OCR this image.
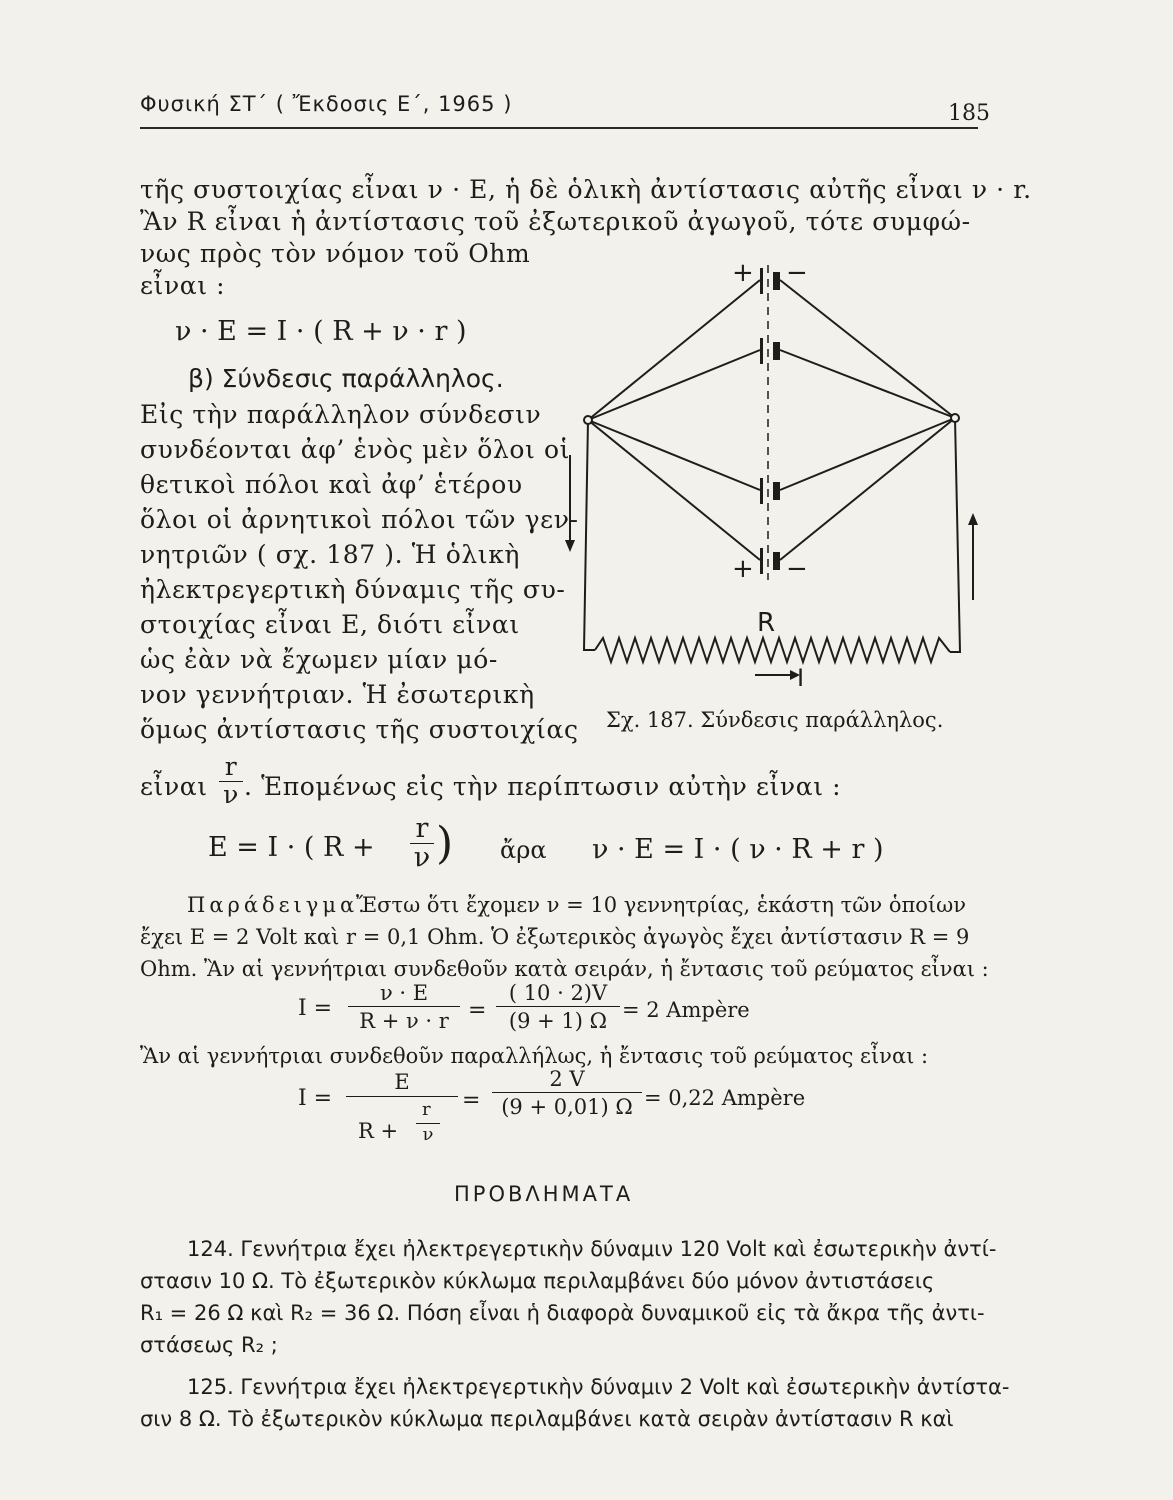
Φυσική ΣΤ΄ ( Ἔκδοσις Ε΄, 1965 )	185
τῆς συστοιχίας εἶναι ν · Ε, ἡ δὲ ὁλικὴ ἀντίστασις αὐτῆς εἶναι ν · r.
Ἂν R εἶναι ἡ ἀντίστασις τοῦ ἐξωτερικοῦ ἀγωγοῦ, τότε συμφώ-
νως πρὸς τὸν νόμον τοῦ Ohm
εἶναι :
ν · E = I · ( R + ν · r )
β) Σύνδεσις παράλληλος.
Εἰς τὴν παράλληλον σύνδεσιν
συνδέονται ἀφ’ ἑνὸς μὲν ὅλοι οἱ
θετικοὶ πόλοι καὶ ἀφ’ ἑτέρου
ὅλοι οἱ ἀρνητικοὶ πόλοι τῶν γεν-
νητριῶν ( σχ. 187 ). Ἡ ὁλικὴ
ἠλεκτρεγερτικὴ δύναμις τῆς συ-
στοιχίας εἶναι Ε, διότι εἶναι
ὡς ἐὰν νὰ ἔχωμεν μίαν μό-
νον γεννήτριαν. Ἡ ἐσωτερικὴ
ὅμως ἀντίστασις τῆς συστοιχίας
+ −
+ −
R
I
Σχ. 187. Σύνδεσις παράλληλος.
εἶναι $\frac{r}{\nu}$ . Ἑπομένως εἰς τὴν περίπτωσιν αὐτὴν εἶναι :
E = I · ( $R + \frac{r}{\nu}$ ) ἄρα ν · E = I · ( ν · R + r )
Παράδειγμα.
Ἔστω ὅτι ἔχομεν ν = 10 γεννητρίας, ἑκάστη τῶν ὁποίων
ἔχει E = 2 Volt καὶ r = 0,1 Ohm. Ὁ ἐξωτερικὸς ἀγωγὸς ἔχει ἀντίστασιν R = 9
Ohm. Ἂν αἱ γεννήτριαι συνδεθοῦν κατὰ σειράν, ἡ ἔντασις τοῦ ρεύματος εἶναι :
$I = \frac{\nu \cdot E}{R + \nu \cdot r} = \frac{( 10 \cdot 2)V}{(9 + 1) \Omega} = 2$ Ampère
Ἂν αἱ γεννήτριαι συνδεθοῦν παραλλήλως, ἡ ἔντασις τοῦ ρεύματος εἶναι :
I = E
R +
r
$\nu = \frac{2 V}{(9 + 0,01) \Omega} = 0,22$ Ampère
ΠΡΟΒΛΗΜΑΤΑ
124. Γεννήτρια ἔχει ἠλεκτρεγερτικὴν δύναμιν 120 Volt καὶ ἐσωτερικὴν ἀντί-
στασιν 10 Ω. Τὸ ἐξωτερικὸν κύκλωμα περιλαμβάνει δύο μόνον ἀντιστάσεις
R₁ = 26 Ω καὶ R₂ = 36 Ω. Πόση εἶναι ἡ διαφορὰ δυναμικοῦ εἰς τὰ ἄκρα τῆς ἀντι-
στάσεως R₂ ;
125. Γεννήτρια ἔχει ἠλεκτρεγερτικὴν δύναμιν 2 Volt καὶ ἐσωτερικὴν ἀντίστα-
σιν 8 Ω. Τὸ ἐξωτερικὸν κύκλωμα περιλαμβάνει κατὰ σειρὰν ἀντίστασιν R καὶ
